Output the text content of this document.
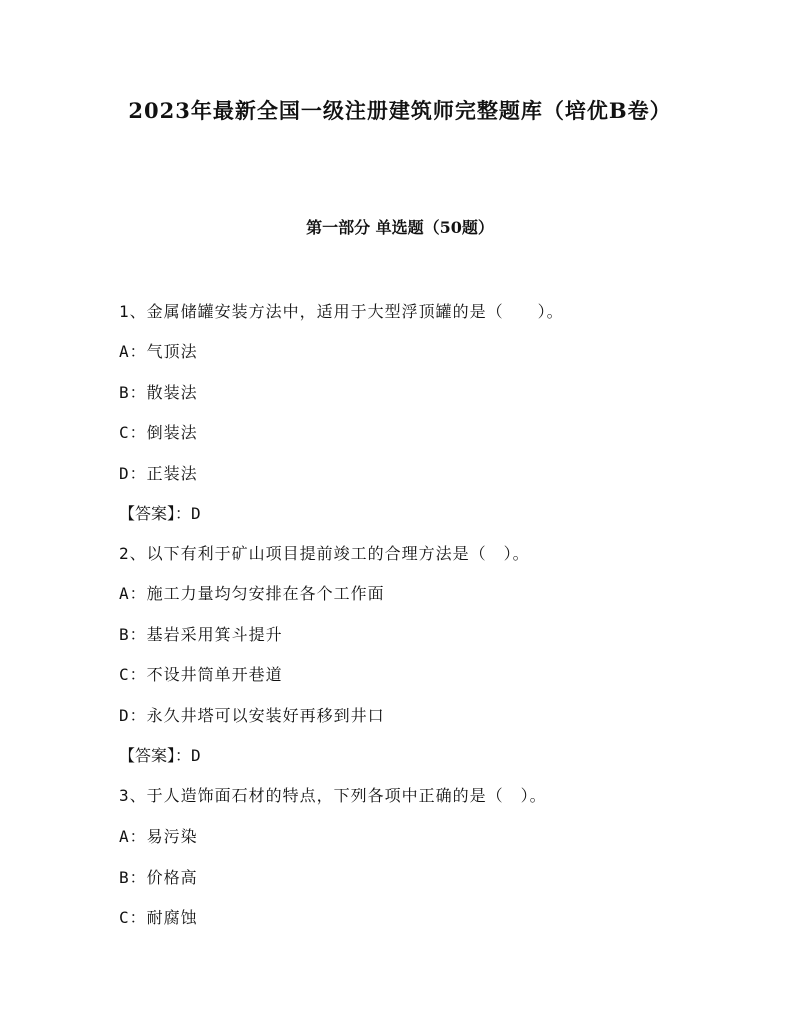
2023年最新全国一级注册建筑师完整题库（培优B卷）
第一部分 单选题（50题）
1、金属储罐安装方法中，适用于大型浮顶罐的是（　　）。
A：气顶法
B：散装法
C：倒装法
D：正装法
【答案】：D
2、以下有利于矿山项目提前竣工的合理方法是（　）。
A：施工力量均匀安排在各个工作面
B：基岩采用箕斗提升
C：不设井筒单开巷道
D：永久井塔可以安装好再移到井口
【答案】：D
3、于人造饰面石材的特点，下列各项中正确的是（　）。
A：易污染
B：价格高
C：耐腐蚀
